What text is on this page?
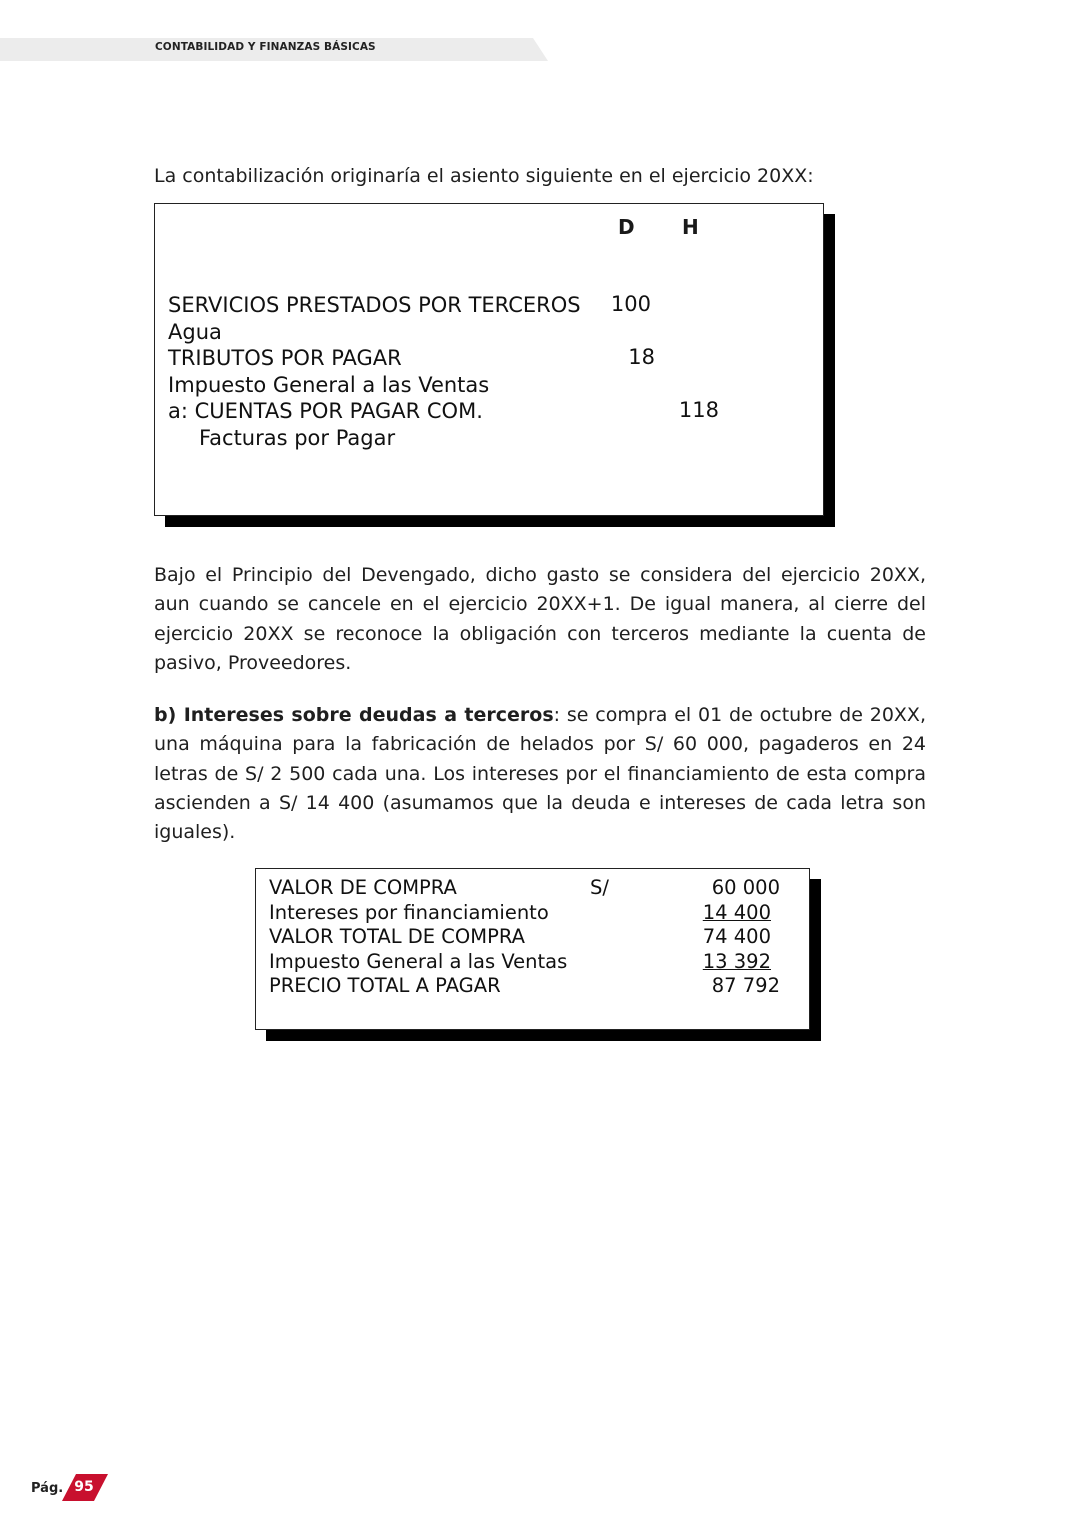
CONTABILIDAD Y FINANZAS BÁSICAS
La contabilización originaría el asiento siguiente en el ejercicio 20XX:
D H
SERVICIOS PRESTADOS POR TERCEROS
Agua
TRIBUTOS POR PAGAR
Impuesto General a las Ventas
a: CUENTAS POR PAGAR COM.
Facturas por Pagar
100
18
118
Bajo el Principio del Devengado, dicho gasto se considera del ejercicio 20XX, aun cuando se cancele en el ejercicio 20XX+1. De igual manera, al cierre del ejercicio 20XX se reconoce la obligación con terceros mediante la cuenta de pasivo, Proveedores.
b) Intereses sobre deudas a terceros: se compra el 01 de octubre de 20XX, una máquina para la fabricación de helados por S/ 60 000, pagaderos en 24 letras de S/ 2 500 cada una. Los intereses por el financiamiento de esta compra ascienden a S/ 14 400 (asumamos que la deuda e intereses de cada letra son iguales).
VALOR DE COMPRA
Intereses por financiamiento
VALOR TOTAL DE COMPRA
Impuesto General a las Ventas
PRECIO TOTAL A PAGAR
S/	60 000
14 400
74 400
13 392
87 792
Pág. 95
